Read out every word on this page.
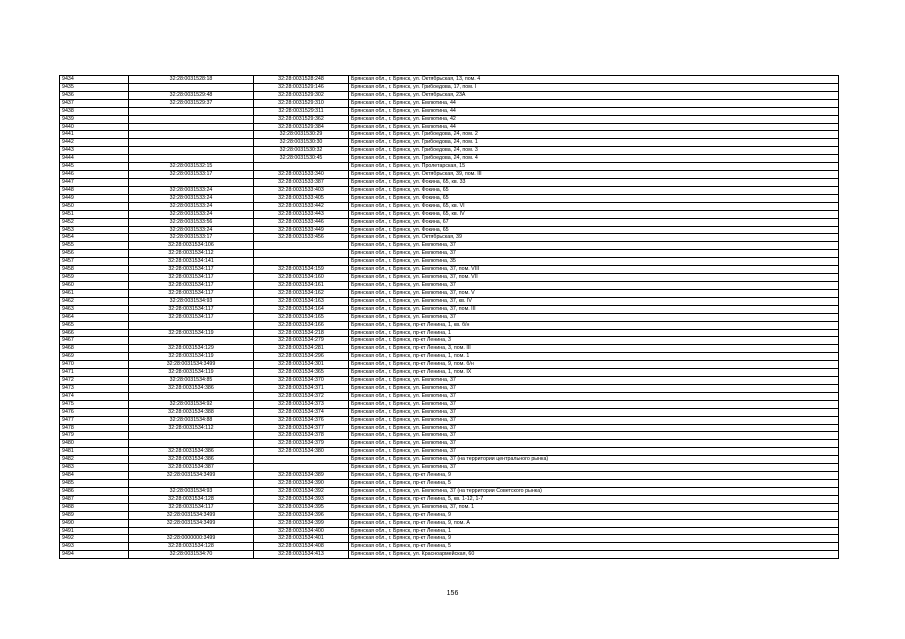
9434	32:28:0031528:18	32:28:0031528:248	Брянская обл., г. Брянск, ул. Октябрьская, 13, пом. 4
9435		32:28:0031529:146	Брянская обл., г. Брянск, ул. Грибоедова, 17, пом. I
9436	32:28:0031529:48	32:28:0031529:302	Брянская обл., г. Брянск, ул. Октябрьская, 23А
9437	32:28:0031529:37	32:28:0031529:310	Брянская обл., г. Брянск, ул. Емлютина, 44
9438		32:28:0031529:311	Брянская обл., г. Брянск, ул. Емлютина, 44
9439		32:28:0031529:362	Брянская обл., г. Брянск, ул. Емлютина, 42
9440		32:28:0031529:384	Брянская обл., г. Брянск, ул. Емлютина, 44
9441		32:28:0031530:29	Брянская обл., г. Брянск, ул. Грибоедова, 24, пом. 2
9442		32:28:0031530:30	Брянская обл., г. Брянск, ул. Грибоедова, 24, пом. 1
9443		32:28:0031530:32	Брянская обл., г. Брянск, ул. Грибоедова, 24, пом. 3
9444		32:28:0031530:45	Брянская обл., г. Брянск, ул. Грибоедова, 24, пом. 4
9445	32:28:0031532:15		Брянская обл., г. Брянск, ул. Пролетарская, 15
9446	32:28:0031533:17	32:28:0031533:340	Брянская обл., г. Брянск, ул. Октябрьская, 39, пом. III
9447		32:28:0031533:387	Брянская обл., г. Брянск, ул. Фокина, 65, кв. 33
9448	32:28:0031533:24	32:28:0031533:403	Брянская обл., г. Брянск, ул. Фокина, 65
9449	32:28:0031533:24	32:28:0031533:405	Брянская обл., г. Брянск, ул. Фокина, 65
9450	32:28:0031533:24	32:28:0031533:442	Брянская обл., г. Брянск, ул. Фокина, 65, кв. VI
9451	32:28:0031533:24	32:28:0031533:443	Брянская обл., г. Брянск, ул. Фокина, 65, кв. IV
9452	32:28:0031533:56	32:28:0031533:446	Брянская обл., г. Брянск, ул. Фокина, 67
9453	32:28:0031533:24	32:28:0031533:449	Брянская обл., г. Брянск, ул. Фокина, 65
9454	32:28:0031533:17	32:28:0031533:456	Брянская обл., г. Брянск, ул. Октябрьская, 39
9455	32:28:0031534:106		Брянская обл., г. Брянск, ул. Емлютина, 37
9456	32:28:0031534:112		Брянская обл., г. Брянск, ул. Емлютина, 37
9457	32:28:0031534:141		Брянская обл., г. Брянск, ул. Емлютина, 35
9458	32:28:0031534:117	32:28:0031534:159	Брянская обл., г. Брянск, ул. Емлютина, 37, пом. VIII
9459	32:28:0031534:117	32:28:0031534:160	Брянская обл., г. Брянск, ул. Емлютина, 37, пом. VII
9460	32:28:0031534:117	32:28:0031534:161	Брянская обл., г. Брянск, ул. Емлютина, 37
9461	32:28:0031534:117	32:28:0031534:162	Брянская обл., г. Брянск, ул. Емлютина, 37, пом. V
9462	32:28:0031534:93	32:28:0031534:163	Брянская обл., г. Брянск, ул. Емлютина, 37, кв. IV
9463	32:28:0031534:117	32:28:0031534:164	Брянская обл., г. Брянск, ул. Емлютина, 37, пом. III
9464	32:28:0031534:117	32:28:0031534:165	Брянская обл., г. Брянск, ул. Емлютина, 37
9465		32:28:0031534:166	Брянская обл., г. Брянск, пр-кт Ленина, 1, кв. б/н
9466	32:28:0031534:119	32:28:0031534:218	Брянская обл., г. Брянск, пр-кт Ленина, 1
9467		32:28:0031534:279	Брянская обл., г. Брянск, пр-кт Ленина, 3
9468	32:28:0031534:129	32:28:0031534:281	Брянская обл., г. Брянск, пр-кт Ленина, 3, пом. III
9469	32:28:0031534:119	32:28:0031534:296	Брянская обл., г. Брянск, пр-кт Ленина, 1, пом. 1
9470	32:28:0031534:3499	32:28:0031534:301	Брянская обл., г. Брянск, пр-кт Ленина, 9, пом. б/н
9471	32:28:0031534:119	32:28:0031534:365	Брянская обл., г. Брянск, пр-кт Ленина, 1, пом. IX
9472	32:28:0031534:85	32:28:0031534:370	Брянская обл., г. Брянск, ул. Емлютина, 37
9473	32:28:0031534:386	32:28:0031534:371	Брянская обл., г. Брянск, ул. Емлютина, 37
9474		32:28:0031534:372	Брянская обл., г. Брянск, ул. Емлютина, 37
9475	32:28:0031534:92	32:28:0031534:373	Брянская обл., г. Брянск, ул. Емлютина, 37
9476	32:28:0031534:388	32:28:0031534:374	Брянская обл., г. Брянск, ул. Емлютина, 37
9477	32:28:0031534:88	32:28:0031534:376	Брянская обл., г. Брянск, ул. Емлютина, 37
9478	32:28:0031534:112	32:28:0031534:377	Брянская обл., г. Брянск, ул. Емлютина, 37
9479		32:28:0031534:378	Брянская обл., г. Брянск, ул. Емлютина, 37
9480		32:28:0031534:379	Брянская обл., г. Брянск, ул. Емлютина, 37
9481	32:28:0031534:386	32:28:0031534:380	Брянская обл., г. Брянск, ул. Емлютина, 37
9482	32:28:0031534:386		Брянская обл., г. Брянск, ул. Емлютина, 37 (на территории центрального рынка)
9483	32:28:0031534:387		Брянская обл., г. Брянск, ул. Емлютина, 37
9484	32:28:0031534:3499	32:28:0031534:389	Брянская обл., г. Брянск, пр-кт Ленина, 9
9485		32:28:0031534:390	Брянская обл., г. Брянск, пр-кт Ленина, 5
9486	32:28:0031534:93	32:28:0031534:392	Брянская обл., г. Брянск, ул. Емлютина, 37 (на территории Советского рынка)
9487	32:28:0031534:128	32:28:0031534:393	Брянская обл., г. Брянск, пр-кт Ленина, 5, кв. 1-12, 1-7
9488	32:28:0031534:117	32:28:0031534:395	Брянская обл., г. Брянск, ул. Емлютина, 37, пом. 1
9489	32:28:0031534:3499	32:28:0031534:396	Брянская обл., г. Брянск, пр-кт Ленина, 9
9490	32:28:0031534:3499	32:28:0031534:399	Брянская обл., г. Брянск, пр-кт Ленина, 9, пом. А
9491		32:28:0031534:400	Брянская обл., г. Брянск, пр-кт Ленина, 1
9492	32:28:0000000:3499	32:28:0031534:401	Брянская обл., г. Брянск, пр-кт Ленина, 9
9493	32:28:0031534:128	32:28:0031534:408	Брянская обл., г. Брянск, пр-кт Ленина, 5
9494	32:28:0031534:70	32:28:0031534:413	Брянская обл., г. Брянск, ул. Красноармейская, 60
156
